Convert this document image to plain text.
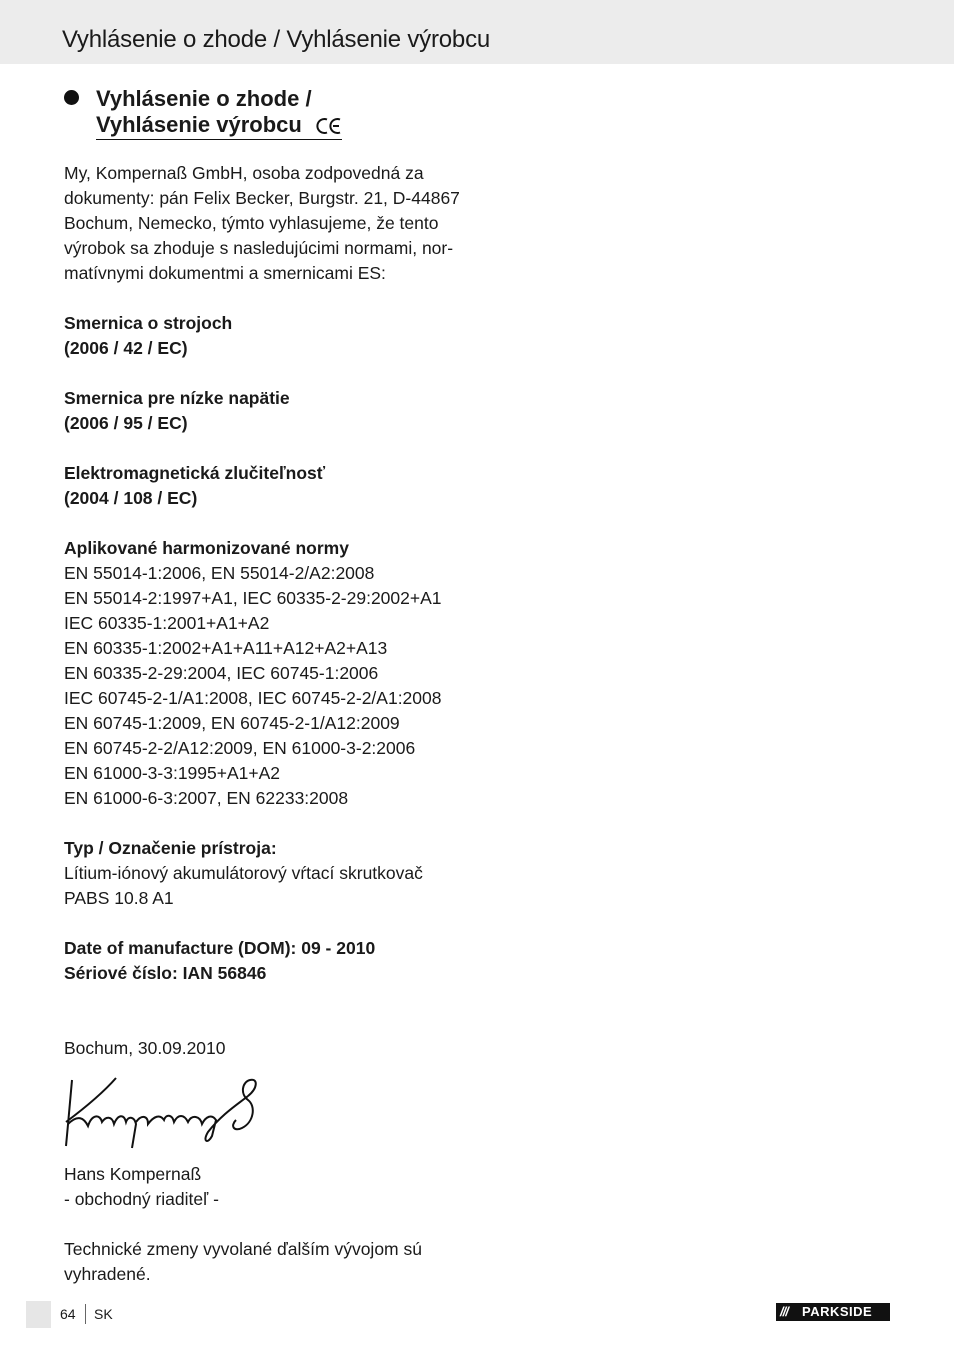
Vyhlásenie o zhode / Vyhlásenie výrobcu
Vyhlásenie o zhode /
Vyhlásenie výrobcu
My, Kompernaß GmbH, osoba zodpovedná za
dokumenty: pán Felix Becker, Burgstr. 21, D-44867
Bochum, Nemecko, týmto vyhlasujeme, že tento
výrobok sa zhoduje s nasledujúcimi normami, nor-
matívnymi dokumentmi a smernicami ES:
Smernica o strojoch
(2006 / 42 / EC)
Smernica pre nízke napätie
(2006 / 95 / EC)
Elektromagnetická zlučiteľnosť
(2004 / 108 / EC)
Aplikované harmonizované normy
EN 55014-1:2006, EN 55014-2/A2:2008
EN 55014-2:1997+A1, IEC 60335-2-29:2002+A1
IEC 60335-1:2001+A1+A2
EN 60335-1:2002+A1+A11+A12+A2+A13
EN 60335-2-29:2004, IEC 60745-1:2006
IEC 60745-2-1/A1:2008, IEC 60745-2-2/A1:2008
EN 60745-1:2009, EN 60745-2-1/A12:2009
EN 60745-2-2/A12:2009, EN 61000-3-2:2006
EN 61000-3-3:1995+A1+A2
EN 61000-6-3:2007, EN 62233:2008
Typ / Označenie prístroja:
Lítium-iónový akumulátorový vŕtací skrutkovač
PABS 10.8 A1
Date of manufacture (DOM): 09 - 2010
Sériové číslo: IAN 56846
Bochum, 30.09.2010
Hans Kompernaß
- obchodný riaditeľ -
Technické zmeny vyvolané ďalším vývojom sú
vyhradené.
64 SK	/// PARKSIDE
